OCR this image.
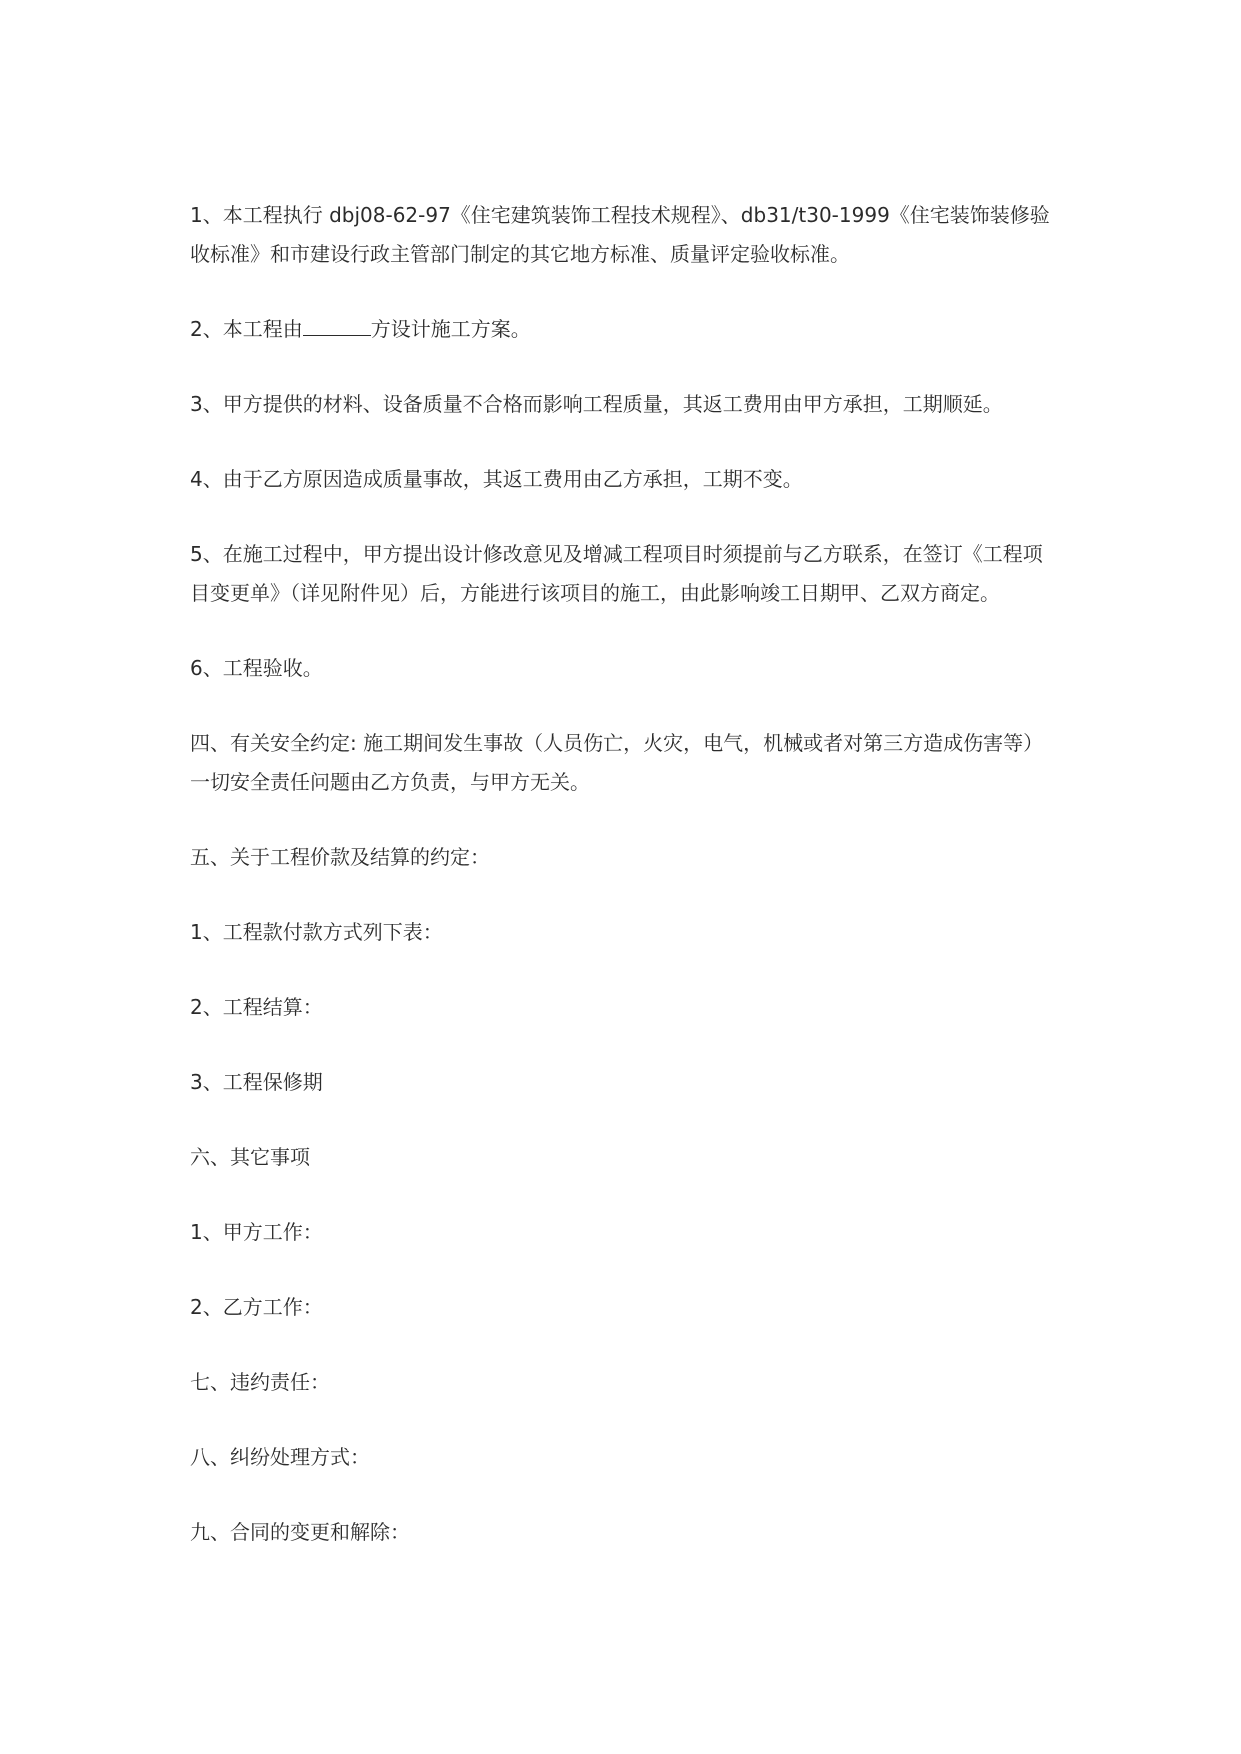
1、本工程执行 dbj08-62-97《住宅建筑装饰工程技术规程》、db31/t30-1999《住宅装饰装修验收标准》和市建设行政主管部门制定的其它地方标准、质量评定验收标准。

2、本工程由	方设计施工方案。

3、甲方提供的材料、设备质量不合格而影响工程质量，其返工费用由甲方承担，工期顺延。

4、由于乙方原因造成质量事故，其返工费用由乙方承担，工期不变。

5、在施工过程中，甲方提出设计修改意见及增减工程项目时须提前与乙方联系，在签订《工程项目变更单》（详见附件见）后，方能进行该项目的施工，由此影响竣工日期甲、乙双方商定。

6、工程验收。

四、有关安全约定: 施工期间发生事故（人员伤亡，火灾，电气，机械或者对第三方造成伤害等）一切安全责任问题由乙方负责，与甲方无关。

五、关于工程价款及结算的约定：

1、工程款付款方式列下表：

2、工程结算：

3、工程保修期

六、其它事项

1、甲方工作：

2、乙方工作：

七、违约责任：

八、纠纷处理方式：

九、合同的变更和解除：
